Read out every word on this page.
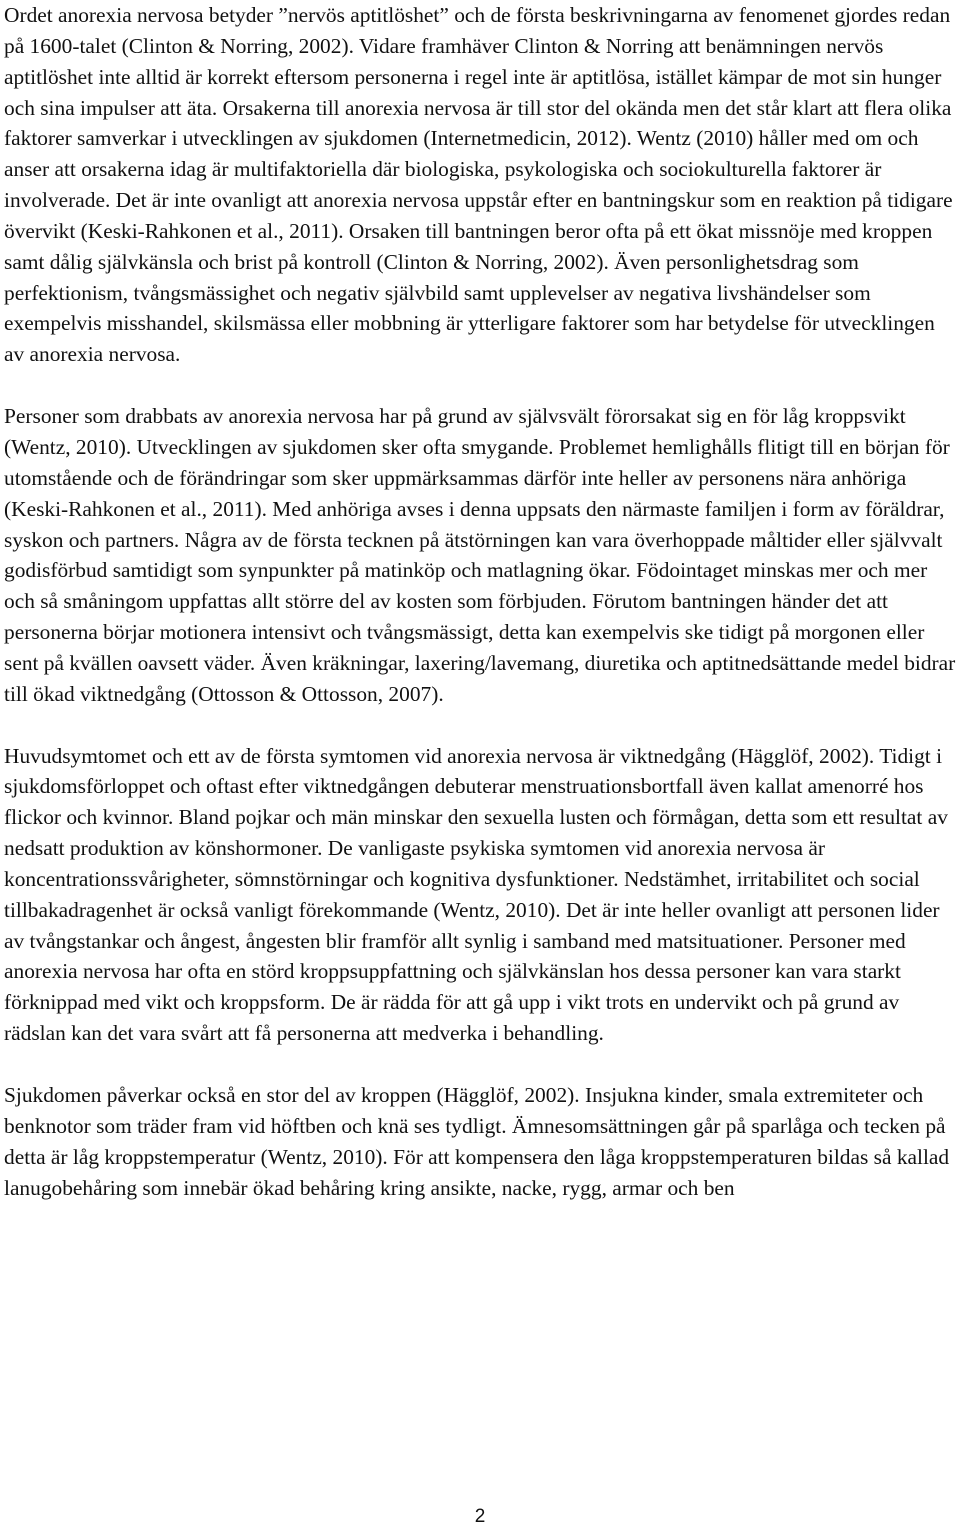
Ordet anorexia nervosa betyder ”nervös aptitlöshet” och de första beskrivningarna av fenomenet gjordes redan på 1600-talet (Clinton & Norring, 2002). Vidare framhäver Clinton & Norring att benämningen nervös aptitlöshet inte alltid är korrekt eftersom personerna i regel inte är aptitlösa, istället kämpar de mot sin hunger och sina impulser att äta. Orsakerna till anorexia nervosa är till stor del okända men det står klart att flera olika faktorer samverkar i utvecklingen av sjukdomen (Internetmedicin, 2012). Wentz (2010) håller med om och anser att orsakerna idag är multifaktoriella där biologiska, psykologiska och sociokulturella faktorer är involverade. Det är inte ovanligt att anorexia nervosa uppstår efter en bantningskur som en reaktion på tidigare övervikt (Keski-Rahkonen et al., 2011). Orsaken till bantningen beror ofta på ett ökat missnöje med kroppen samt dålig självkänsla och brist på kontroll (Clinton & Norring, 2002). Även personlighetsdrag som perfektionism, tvångsmässighet och negativ självbild samt upplevelser av negativa livshändelser som exempelvis misshandel, skilsmässa eller mobbning är ytterligare faktorer som har betydelse för utvecklingen av anorexia nervosa.

Personer som drabbats av anorexia nervosa har på grund av självsvält förorsakat sig en för låg kroppsvikt (Wentz, 2010). Utvecklingen av sjukdomen sker ofta smygande. Problemet hemlighålls flitigt till en början för utomstående och de förändringar som sker uppmärksammas därför inte heller av personens nära anhöriga (Keski-Rahkonen et al., 2011). Med anhöriga avses i denna uppsats den närmaste familjen i form av föräldrar, syskon och partners. Några av de första tecknen på ätstörningen kan vara överhoppade måltider eller självvalt godisförbud samtidigt som synpunkter på matinköp och matlagning ökar. Födointaget minskas mer och mer och så småningom uppfattas allt större del av kosten som förbjuden. Förutom bantningen händer det att personerna börjar motionera intensivt och tvångsmässigt, detta kan exempelvis ske tidigt på morgonen eller sent på kvällen oavsett väder. Även kräkningar, laxering/lavemang, diuretika och aptitnedsättande medel bidrar till ökad viktnedgång (Ottosson & Ottosson, 2007).

Huvudsymtomet och ett av de första symtomen vid anorexia nervosa är viktnedgång (Hägglöf, 2002). Tidigt i sjukdomsförloppet och oftast efter viktnedgången debuterar menstruationsbortfall även kallat amenorré hos flickor och kvinnor. Bland pojkar och män minskar den sexuella lusten och förmågan, detta som ett resultat av nedsatt produktion av könshormoner. De vanligaste psykiska symtomen vid anorexia nervosa är koncentrationssvårigheter, sömnstörningar och kognitiva dysfunktioner. Nedstämhet, irritabilitet och social tillbakadragenhet är också vanligt förekommande (Wentz, 2010). Det är inte heller ovanligt att personen lider av tvångstankar och ångest, ångesten blir framför allt synlig i samband med matsituationer. Personer med anorexia nervosa har ofta en störd kroppsuppfattning och självkänslan hos dessa personer kan vara starkt förknippad med vikt och kroppsform. De är rädda för att gå upp i vikt trots en undervikt och på grund av rädslan kan det vara svårt att få personerna att medverka i behandling.

Sjukdomen påverkar också en stor del av kroppen (Hägglöf, 2002). Insjukna kinder, smala extremiteter och benknotor som träder fram vid höftben och knä ses tydligt. Ämnesomsättningen går på sparlåga och tecken på detta är låg kroppstemperatur (Wentz, 2010). För att kompensera den låga kroppstemperaturen bildas så kallad lanugobehåring som innebär ökad behåring kring ansikte, nacke, rygg, armar och ben

2
